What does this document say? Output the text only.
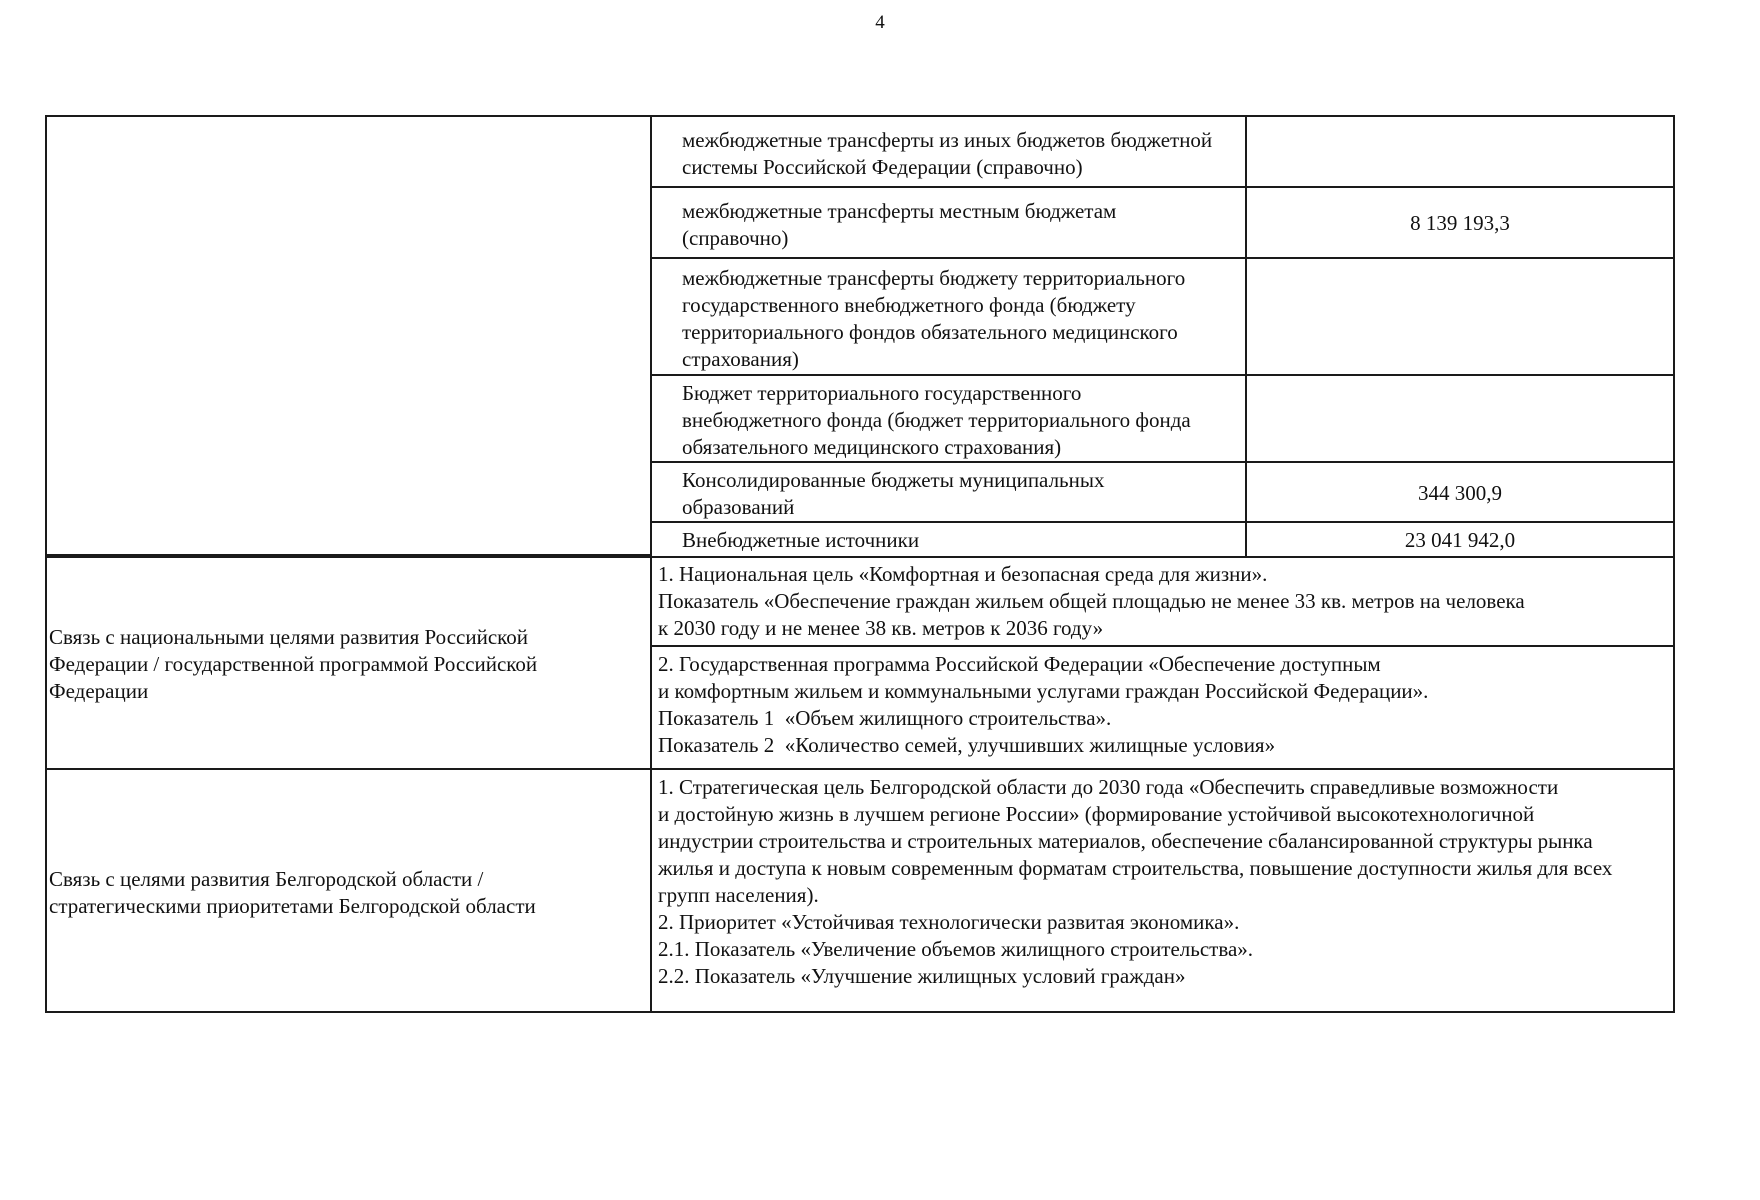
4
межбюджетные трансферты из иных бюджетов бюджетной
системы Российской Федерации (справочно)
межбюджетные трансферты местным бюджетам
(справочно)
8 139 193,3
межбюджетные трансферты бюджету территориального
государственного внебюджетного фонда (бюджету
территориального фондов обязательного медицинского
страхования)
Бюджет территориального государственного
внебюджетного фонда (бюджет территориального фонда
обязательного медицинского страхования)
Консолидированные бюджеты муниципальных
образований
344 300,9
Внебюджетные источники	23 041 942,0
Связь с национальными целями развития Российской
Федерации / государственной программой Российской
Федерации
1. Национальная цель «Комфортная и безопасная среда для жизни».
Показатель «Обеспечение граждан жильем общей площадью не менее 33 кв. метров на человека
к 2030 году и не менее 38 кв. метров к 2036 году»
2. Государственная программа Российской Федерации «Обеспечение доступным
и комфортным жильем и коммунальными услугами граждан Российской Федерации».
Показатель 1  «Объем жилищного строительства».
Показатель 2  «Количество семей, улучшивших жилищные условия»
Связь с целями развития Белгородской области /
стратегическими приоритетами Белгородской области
1. Стратегическая цель Белгородской области до 2030 года «Обеспечить справедливые возможности
и достойную жизнь в лучшем регионе России» (формирование устойчивой высокотехнологичной
индустрии строительства и строительных материалов, обеспечение сбалансированной структуры рынка
жилья и доступа к новым современным форматам строительства, повышение доступности жилья для всех
групп населения).
2. Приоритет «Устойчивая технологически развитая экономика».
2.1. Показатель «Увеличение объемов жилищного строительства».
2.2. Показатель «Улучшение жилищных условий граждан»
